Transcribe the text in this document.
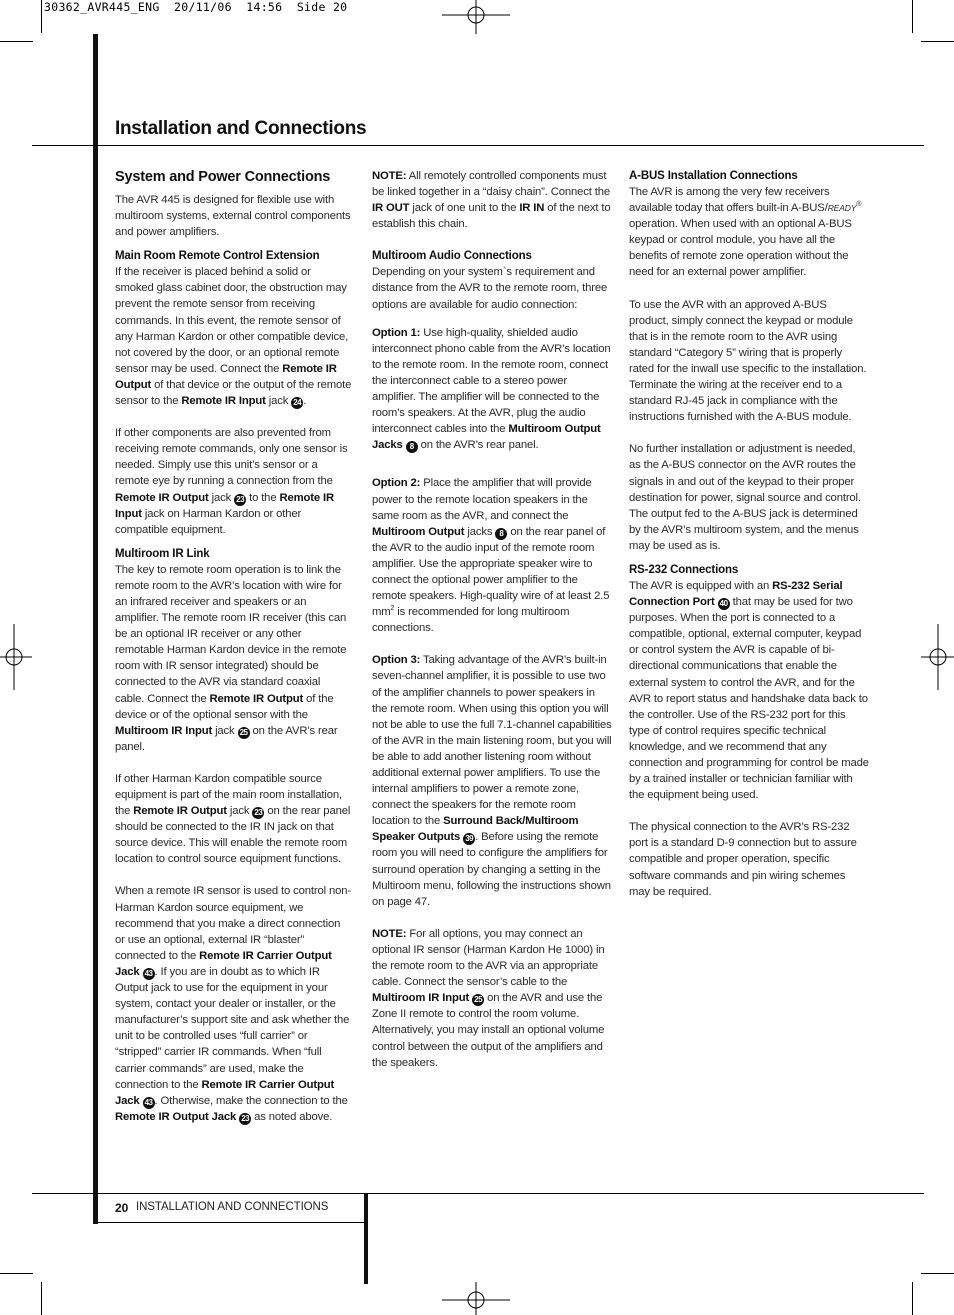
30362_AVR445_ENG  20/11/06  14:56  Side 20
Installation and Connections
System and Power Connections

The AVR 445 is designed for flexible use with multiroom systems, external control components and power amplifiers.

Main Room Remote Control Extension

If the receiver is placed behind a solid or smoked glass cabinet door, the obstruction may prevent the remote sensor from receiving commands. In this event, the remote sensor of any Harman Kardon or other compatible device, not covered by the door, or an optional remote sensor may be used. Connect the Remote IR Output of that device or the output of the remote sensor to the Remote IR Input jack 24 .

If other components are also prevented from receiving remote commands, only one sensor is needed. Simply use this unit’s sensor or a remote eye by running a connection from the Remote IR Output jack 23 to the Remote IR Input jack on Harman Kardon or other compatible equipment.

Multiroom IR Link

The key to remote room operation is to link the remote room to the AVR’s location with wire for an infrared receiver and speakers or an amplifier. The remote room IR receiver (this can be an optional IR receiver or any other remotable Harman Kardon device in the remote room with IR sensor integrated) should be connected to the AVR via standard coaxial cable. Connect the Remote IR Output of the device or of the optional sensor with the Multiroom IR Input jack 25 on the AVR’s rear panel.

If other Harman Kardon compatible source equipment is part of the main room installation, the Remote IR Output jack 23 on the rear panel should be connected to the IR IN jack on that source device. This will enable the remote room location to control source equipment functions.

When a remote IR sensor is used to control non-Harman Kardon source equipment, we recommend that you make a direct connection or use an optional, external IR “blaster” connected to the Remote IR Carrier Output Jack 43 . If you are in doubt as to which IR Output jack to use for the equipment in your system, contact your dealer or installer, or the manufacturer’s support site and ask whether the unit to be controlled uses “full carrier” or “stripped” carrier IR commands. When “full carrier commands” are used, make the connection to the Remote IR Carrier Output Jack 43 . Otherwise, make the connection to the Remote IR Output Jack 23 as noted above.

NOTE: All remotely controlled components must be linked together in a “daisy chain”. Connect the IR OUT jack of one unit to the IR IN of the next to establish this chain.

Multiroom Audio Connections

Depending on your system`s requirement and distance from the AVR to the remote room, three options are available for audio connection:

Option 1: Use high-quality, shielded audio interconnect phono cable from the AVR’s location to the remote room. In the remote room, connect the interconnect cable to a stereo power amplifier. The amplifier will be connected to the room’s speakers. At the AVR, plug the audio interconnect cables into the Multiroom Output Jacks 8 on the AVR’s rear panel.

Option 2: Place the amplifier that will provide power to the remote location speakers in the same room as the AVR, and connect the Multiroom Output jacks 8 on the rear panel of the AVR to the audio input of the remote room amplifier. Use the appropriate speaker wire to connect the optional power amplifier to the remote speakers. High-quality wire of at least 2.5 $mm^2$ is recommended for long multiroom connections.

Option 3: Taking advantage of the AVR’s built-in seven-channel amplifier, it is possible to use two of the amplifier channels to power speakers in the remote room. When using this option you will not be able to use the full 7.1-channel capabilities of the AVR in the main listening room, but you will be able to add another listening room without additional external power amplifiers. To use the internal amplifiers to power a remote zone, connect the speakers for the remote room location to the Surround Back/Multiroom Speaker Outputs 39 . Before using the remote room you will need to configure the amplifiers for surround operation by changing a setting in the Multiroom menu, following the instructions shown on page 47.

NOTE: For all options, you may connect an optional IR sensor (Harman Kardon He 1000) in the remote room to the AVR via an appropriate cable. Connect the sensor’s cable to the Multiroom IR Input 25 on the AVR and use the Zone II remote to control the room volume. Alternatively, you may install an optional volume control between the output of the amplifiers and the speakers.

A-BUS Installation Connections

The AVR is among the very few receivers available today that offers built-in A-BUS/READY® operation. When used with an optional A-BUS keypad or control module, you have all the benefits of remote zone operation without the need for an external power amplifier.

To use the AVR with an approved A-BUS product, simply connect the keypad or module that is in the remote room to the AVR using standard “Category 5” wiring that is properly rated for the inwall use specific to the installation. Terminate the wiring at the receiver end to a standard RJ-45 jack in compliance with the instructions furnished with the A-BUS module.

No further installation or adjustment is needed, as the A-BUS connector on the AVR routes the signals in and out of the keypad to their proper destination for power, signal source and control. The output fed to the A-BUS jack is determined by the AVR’s multiroom system, and the menus may be used as is.

RS-232 Connections

The AVR is equipped with an RS-232 Serial Connection Port 40 that may be used for two purposes. When the port is connected to a compatible, optional, external computer, keypad or control system the AVR is capable of bi-directional communications that enable the external system to control the AVR, and for the AVR to report status and handshake data back to the controller. Use of the RS-232 port for this type of control requires specific technical knowledge, and we recommend that any connection and programming for control be made by a trained installer or technician familiar with the equipment being used.

The physical connection to the AVR’s RS-232 port is a standard D-9 connection but to assure compatible and proper operation, specific software commands and pin wiring schemes may be required.

20 INSTALLATION AND CONNECTIONS
